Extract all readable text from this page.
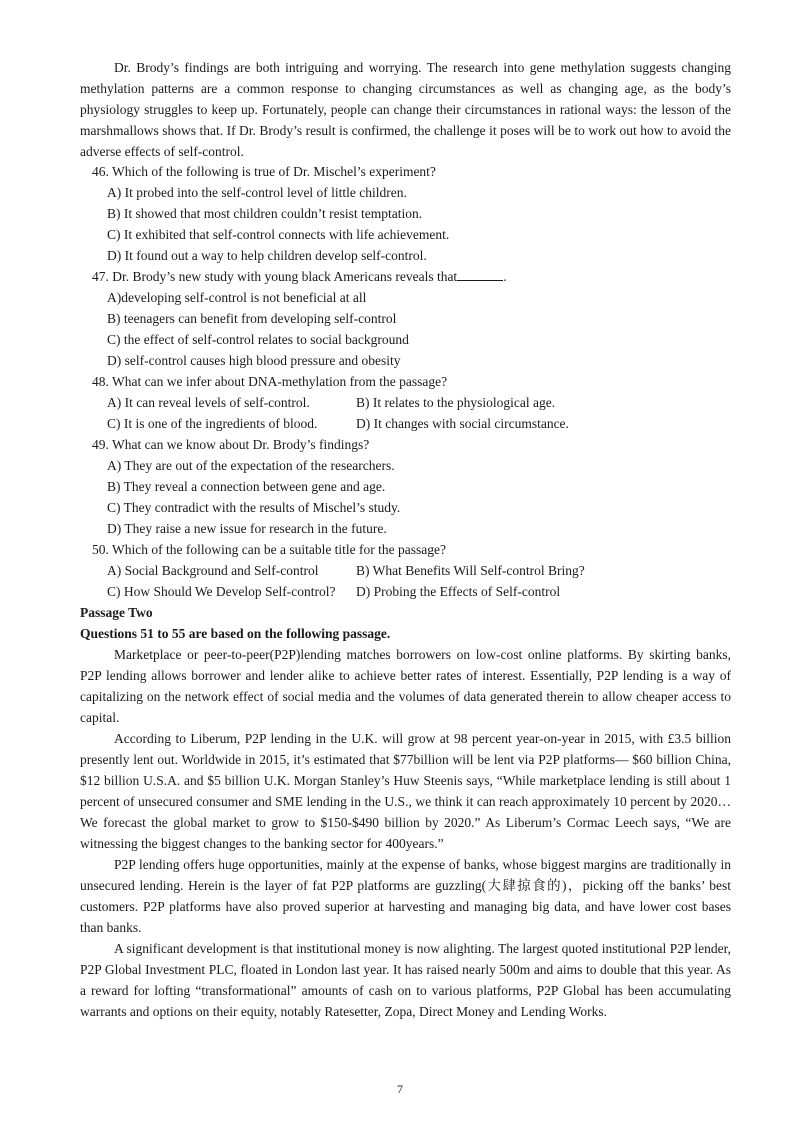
Dr. Brody’s findings are both intriguing and worrying. The research into gene methylation suggests changing methylation patterns are a common response to changing circumstances as well as changing age, as the body’s physiology struggles to keep up. Fortunately, people can change their circumstances in rational ways: the lesson of the marshmallows shows that. If Dr. Brody’s result is confirmed, the challenge it poses will be to work out how to avoid the adverse effects of self-control.

46. Which of the following is true of Dr. Mischel’s experiment?
A) It probed into the self-control level of little children.
B) It showed that most children couldn’t resist temptation.
C) It exhibited that self-control connects with life achievement.
D) It found out a way to help children develop self-control.
47. Dr. Brody’s new study with young black Americans reveals that	.
A)developing self-control is not beneficial at all
B) teenagers can benefit from developing self-control
C) the effect of self-control relates to social background
D) self-control causes high blood pressure and obesity
48. What can we infer about DNA-methylation from the passage?
A) It can reveal levels of self-control.	B) It relates to the physiological age.
C) It is one of the ingredients of blood.	D) It changes with social circumstance.
49. What can we know about Dr. Brody’s findings?
A) They are out of the expectation of the researchers.
B) They reveal a connection between gene and age.
C) They contradict with the results of Mischel’s study.
D) They raise a new issue for research in the future.
50. Which of the following can be a suitable title for the passage?
A) Social Background and Self-control	B) What Benefits Will Self-control Bring?
C) How Should We Develop Self-control? D) Probing the Effects of Self-control
Passage Two
Questions 51 to 55 are based on the following passage.

Marketplace or peer-to-peer(P2P)lending matches borrowers on low-cost online platforms. By skirting banks, P2P lending allows borrower and lender alike to achieve better rates of interest. Essentially, P2P lending is a way of capitalizing on the network effect of social media and the volumes of data generated therein to allow cheaper access to capital.

According to Liberum, P2P lending in the U.K. will grow at 98 percent year-on-year in 2015, with £3.5 billion presently lent out. Worldwide in 2015, it’s estimated that $77billion will be lent via P2P platforms— $60 billion China, $12 billion U.S.A. and $5 billion U.K. Morgan Stanley’s Huw Steenis says, “While marketplace lending is still about 1 percent of unsecured consumer and SME lending in the U.S., we think it can reach approximately 10 percent by 2020… We forecast the global market to grow to $150-$490 billion by 2020.” As Liberum’s Cormac Leech says, “We are witnessing the biggest changes to the banking sector for 400years.”

P2P lending offers huge opportunities, mainly at the expense of banks, whose biggest margins are traditionally in unsecured lending. Herein is the layer of fat P2P platforms are guzzling(大肆掠食的)，picking off the banks’ best customers. P2P platforms have also proved superior at harvesting and managing big data, and have lower cost bases than banks.

A significant development is that institutional money is now alighting. The largest quoted institutional P2P lender, P2P Global Investment PLC, floated in London last year. It has raised nearly 500m and aims to double that this year. As a reward for lofting “transformational” amounts of cash on to various platforms, P2P Global has been accumulating warrants and options on their equity, notably Ratesetter, Zopa, Direct Money and Lending Works.

7
